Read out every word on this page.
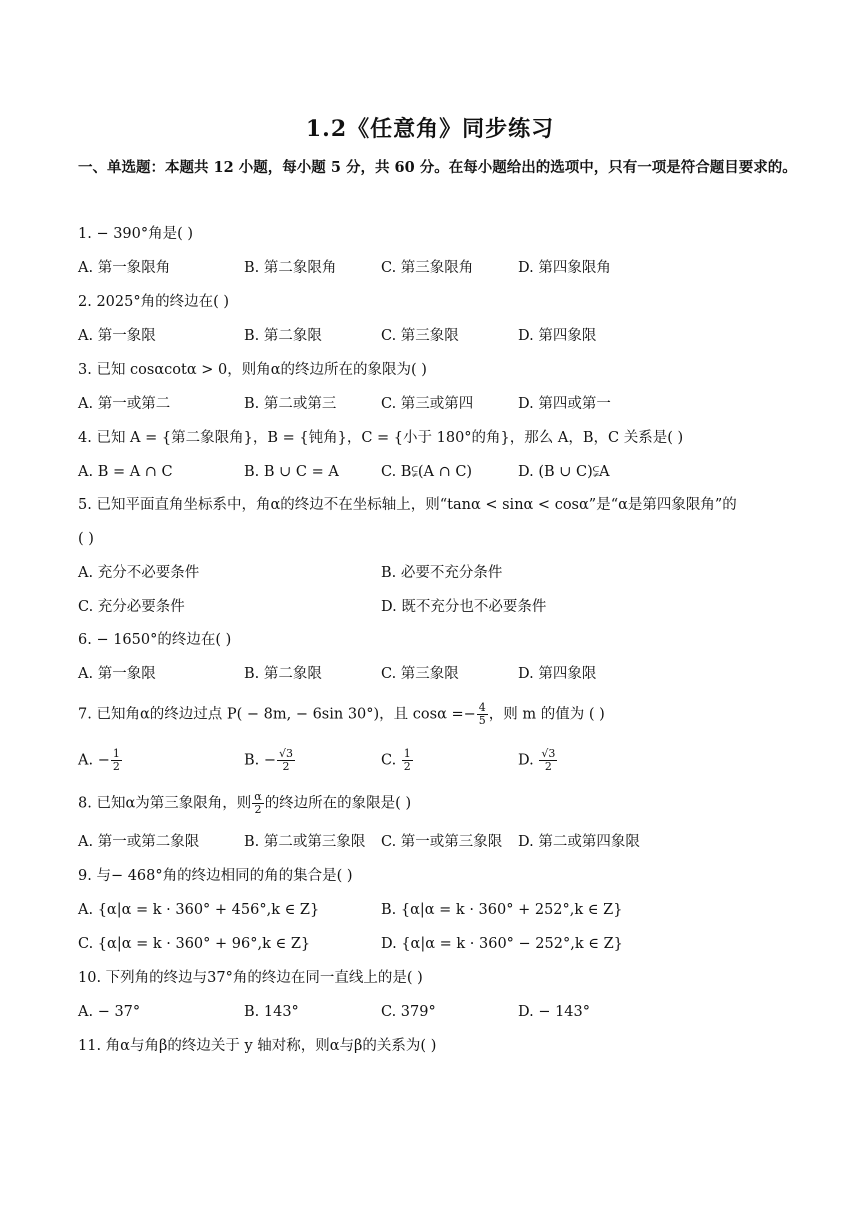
1.2《任意角》同步练习
一、单选题：本题共 12 小题，每小题 5 分，共 60 分。在每小题给出的选项中，只有一项是符合题目要求的。
1. − 390°角是( )
A. 第一象限角	B. 第二象限角	C. 第三象限角	D. 第四象限角
2. 2025°角的终边在( )
A. 第一象限	B. 第二象限	C. 第三象限	D. 第四象限
3. 已知 cosαcotα > 0，则角α的终边所在的象限为( )
A. 第一或第二	B. 第二或第三	C. 第三或第四	D. 第四或第一
4. 已知 A = {第二象限角}，B = {钝角}，C = {小于 180°的角}，那么 A，B，C 关系是( )
A. B = A ∩ C	B. B ∪ C = A	C. B⫋(A ∩ C)	D. (B ∪ C)⫋A
5. 已知平面直角坐标系中，角α的终边不在坐标轴上，则“tanα < sinα < cosα”是“α是第四象限角”的
( )
A. 充分不必要条件	B. 必要不充分条件
C. 充分必要条件	D. 既不充分也不必要条件
6. − 1650°的终边在( )
A. 第一象限	B. 第二象限	C. 第三象限	D. 第四象限
7. 已知角α的终边过点 P( − 8m, − 6sin 30°)，且 $\cos\alpha =- \frac{4}{5}$ ，则 m 的值为 ( )
A. − $\frac{1}{2}$	B. − $\frac{√3}{2}$	C. $\frac{1}{2}$	D. $\frac{√3}{2}$
8. 已知α为第三象限角，则 $\frac{\alpha}{2}$ 的终边所在的象限是( )
A. 第一或第二象限	B. 第二或第三象限 C. 第一或第三象限 D. 第二或第四象限
9. 与− 468°角的终边相同的角的集合是( )
A. {α|α = k · 360° + 456°,k ∈ Z}	B. {α|α = k · 360° + 252°,k ∈ Z}
C. {α|α = k · 360° + 96°,k ∈ Z}	D. {α|α = k · 360° − 252°,k ∈ Z}
10. 下列角的终边与37°角的终边在同一直线上的是( )
A. − 37°	B. 143°	C. 379°	D. − 143°
11. 角α与角β的终边关于 y 轴对称，则α与β的关系为( )
